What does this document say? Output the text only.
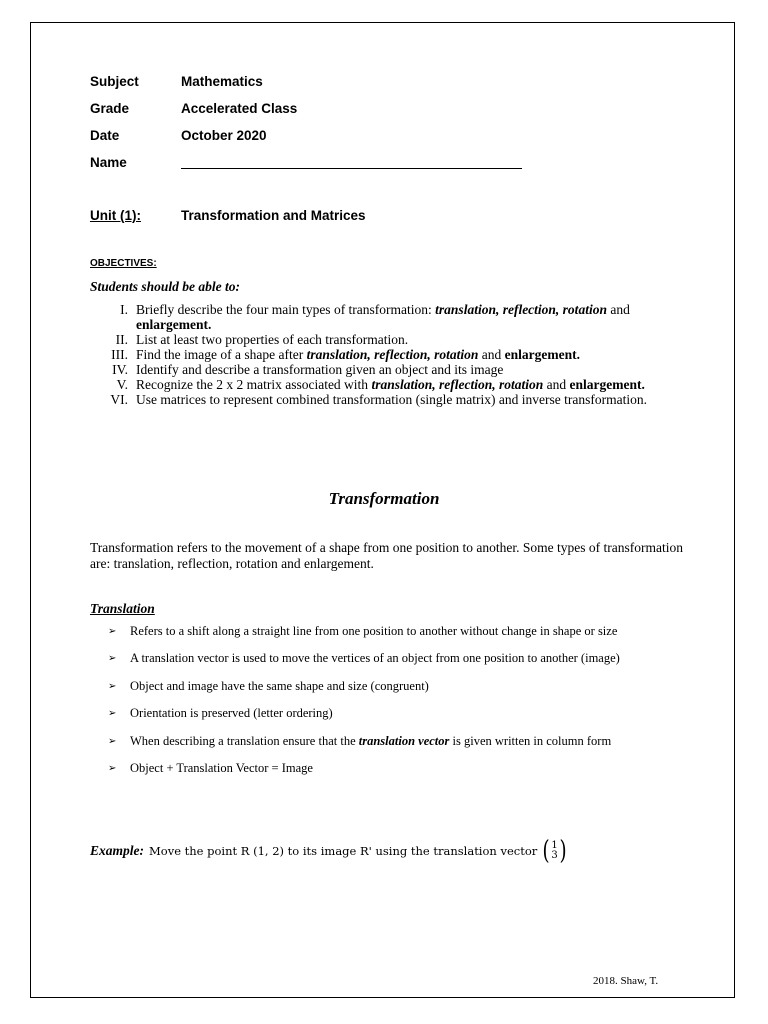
Subject	Mathematics
Grade	Accelerated Class
Date	October 2020
Name
Unit (1):	Transformation and Matrices
OBJECTIVES:
Students should be able to:
I. Briefly describe the four main types of transformation: translation, reflection, rotation and enlargement.
II. List at least two properties of each transformation.
III. Find the image of a shape after translation, reflection, rotation and enlargement.
IV. Identify and describe a transformation given an object and its image
V. Recognize the 2 x 2 matrix associated with translation, reflection, rotation and enlargement.
VI. Use matrices to represent combined transformation (single matrix) and inverse transformation.
Transformation
Transformation refers to the movement of a shape from one position to another. Some types of transformation are: translation, reflection, rotation and enlargement.
Translation
➢	Refers to a shift along a straight line from one position to another without change in shape or size
➢	A translation vector is used to move the vertices of an object from one position to another (image)
➢	Object and image have the same shape and size (congruent)
➢	Orientation is preserved (letter ordering)
➢	When describing a translation ensure that the translation vector is given written in column form
➢	Object + Translation Vector = Image
Example: Move the point R (1, 2) to its image R' using the translation vector ( 1
3 )
2018. Shaw, T.
